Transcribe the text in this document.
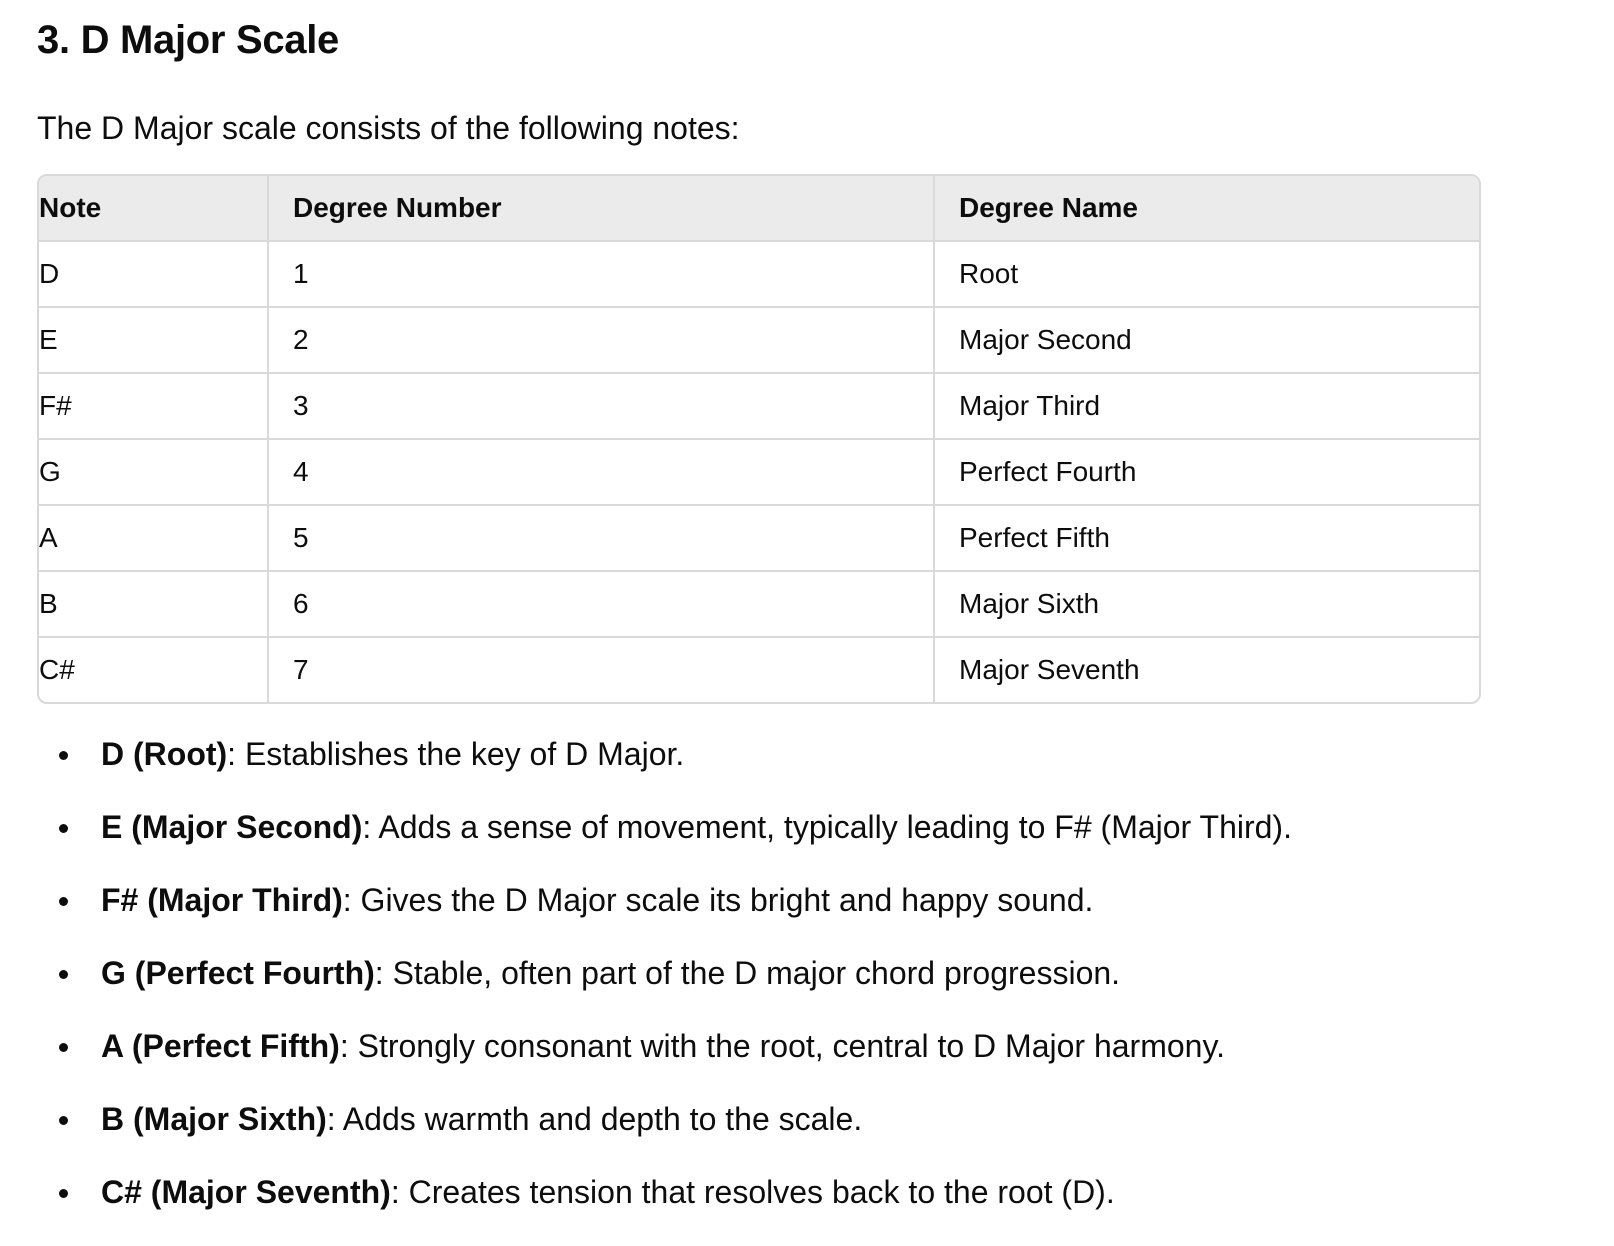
3. D Major Scale

The D Major scale consists of the following notes:

Note	Degree Number	Degree Name
D	1	Root
E	2	Major Second
F#	3	Major Third
G	4	Perfect Fourth
A	5	Perfect Fifth
B	6	Major Sixth
C#	7	Major Seventh
D (Root): Establishes the key of D Major.
E (Major Second): Adds a sense of movement, typically leading to F# (Major Third).
F# (Major Third): Gives the D Major scale its bright and happy sound.
G (Perfect Fourth): Stable, often part of the D major chord progression.
A (Perfect Fifth): Strongly consonant with the root, central to D Major harmony.
B (Major Sixth): Adds warmth and depth to the scale.
C# (Major Seventh): Creates tension that resolves back to the root (D).
